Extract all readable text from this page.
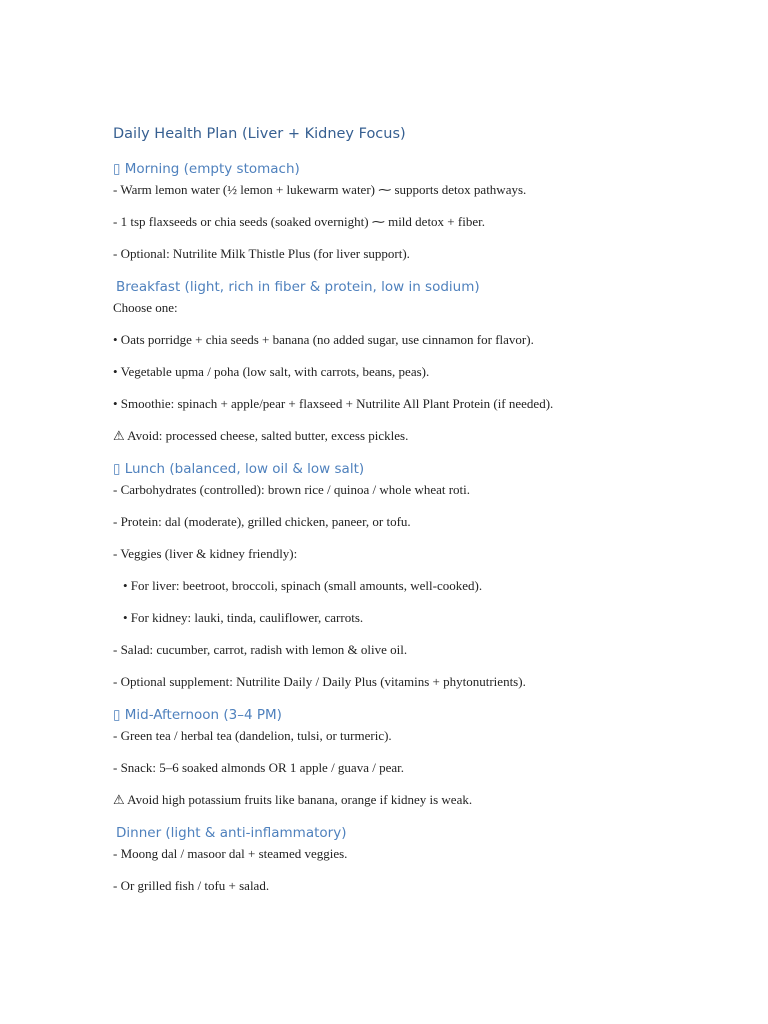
Daily Health Plan (Liver + Kidney Focus)
▯ Morning (empty stomach)
- Warm lemon water (½ lemon + lukewarm water) ⁓ supports detox pathways.
- 1 tsp flaxseeds or chia seeds (soaked overnight) ⁓ mild detox + fiber.
- Optional: Nutrilite Milk Thistle Plus (for liver support).
Breakfast (light, rich in fiber & protein, low in sodium)
Choose one:
• Oats porridge + chia seeds + banana (no added sugar, use cinnamon for flavor).
• Vegetable upma / poha (low salt, with carrots, beans, peas).
• Smoothie: spinach + apple/pear + flaxseed + Nutrilite All Plant Protein (if needed).
⚠ Avoid: processed cheese, salted butter, excess pickles.
▯ Lunch (balanced, low oil & low salt)
- Carbohydrates (controlled): brown rice / quinoa / whole wheat roti.
- Protein: dal (moderate), grilled chicken, paneer, or tofu.
- Veggies (liver & kidney friendly):
• For liver: beetroot, broccoli, spinach (small amounts, well-cooked).
• For kidney: lauki, tinda, cauliflower, carrots.
- Salad: cucumber, carrot, radish with lemon & olive oil.
- Optional supplement: Nutrilite Daily / Daily Plus (vitamins + phytonutrients).
▯ Mid-Afternoon (3–4 PM)
- Green tea / herbal tea (dandelion, tulsi, or turmeric).
- Snack: 5–6 soaked almonds OR 1 apple / guava / pear.
⚠ Avoid high potassium fruits like banana, orange if kidney is weak.
Dinner (light & anti-inflammatory)
- Moong dal / masoor dal + steamed veggies.
- Or grilled fish / tofu + salad.
